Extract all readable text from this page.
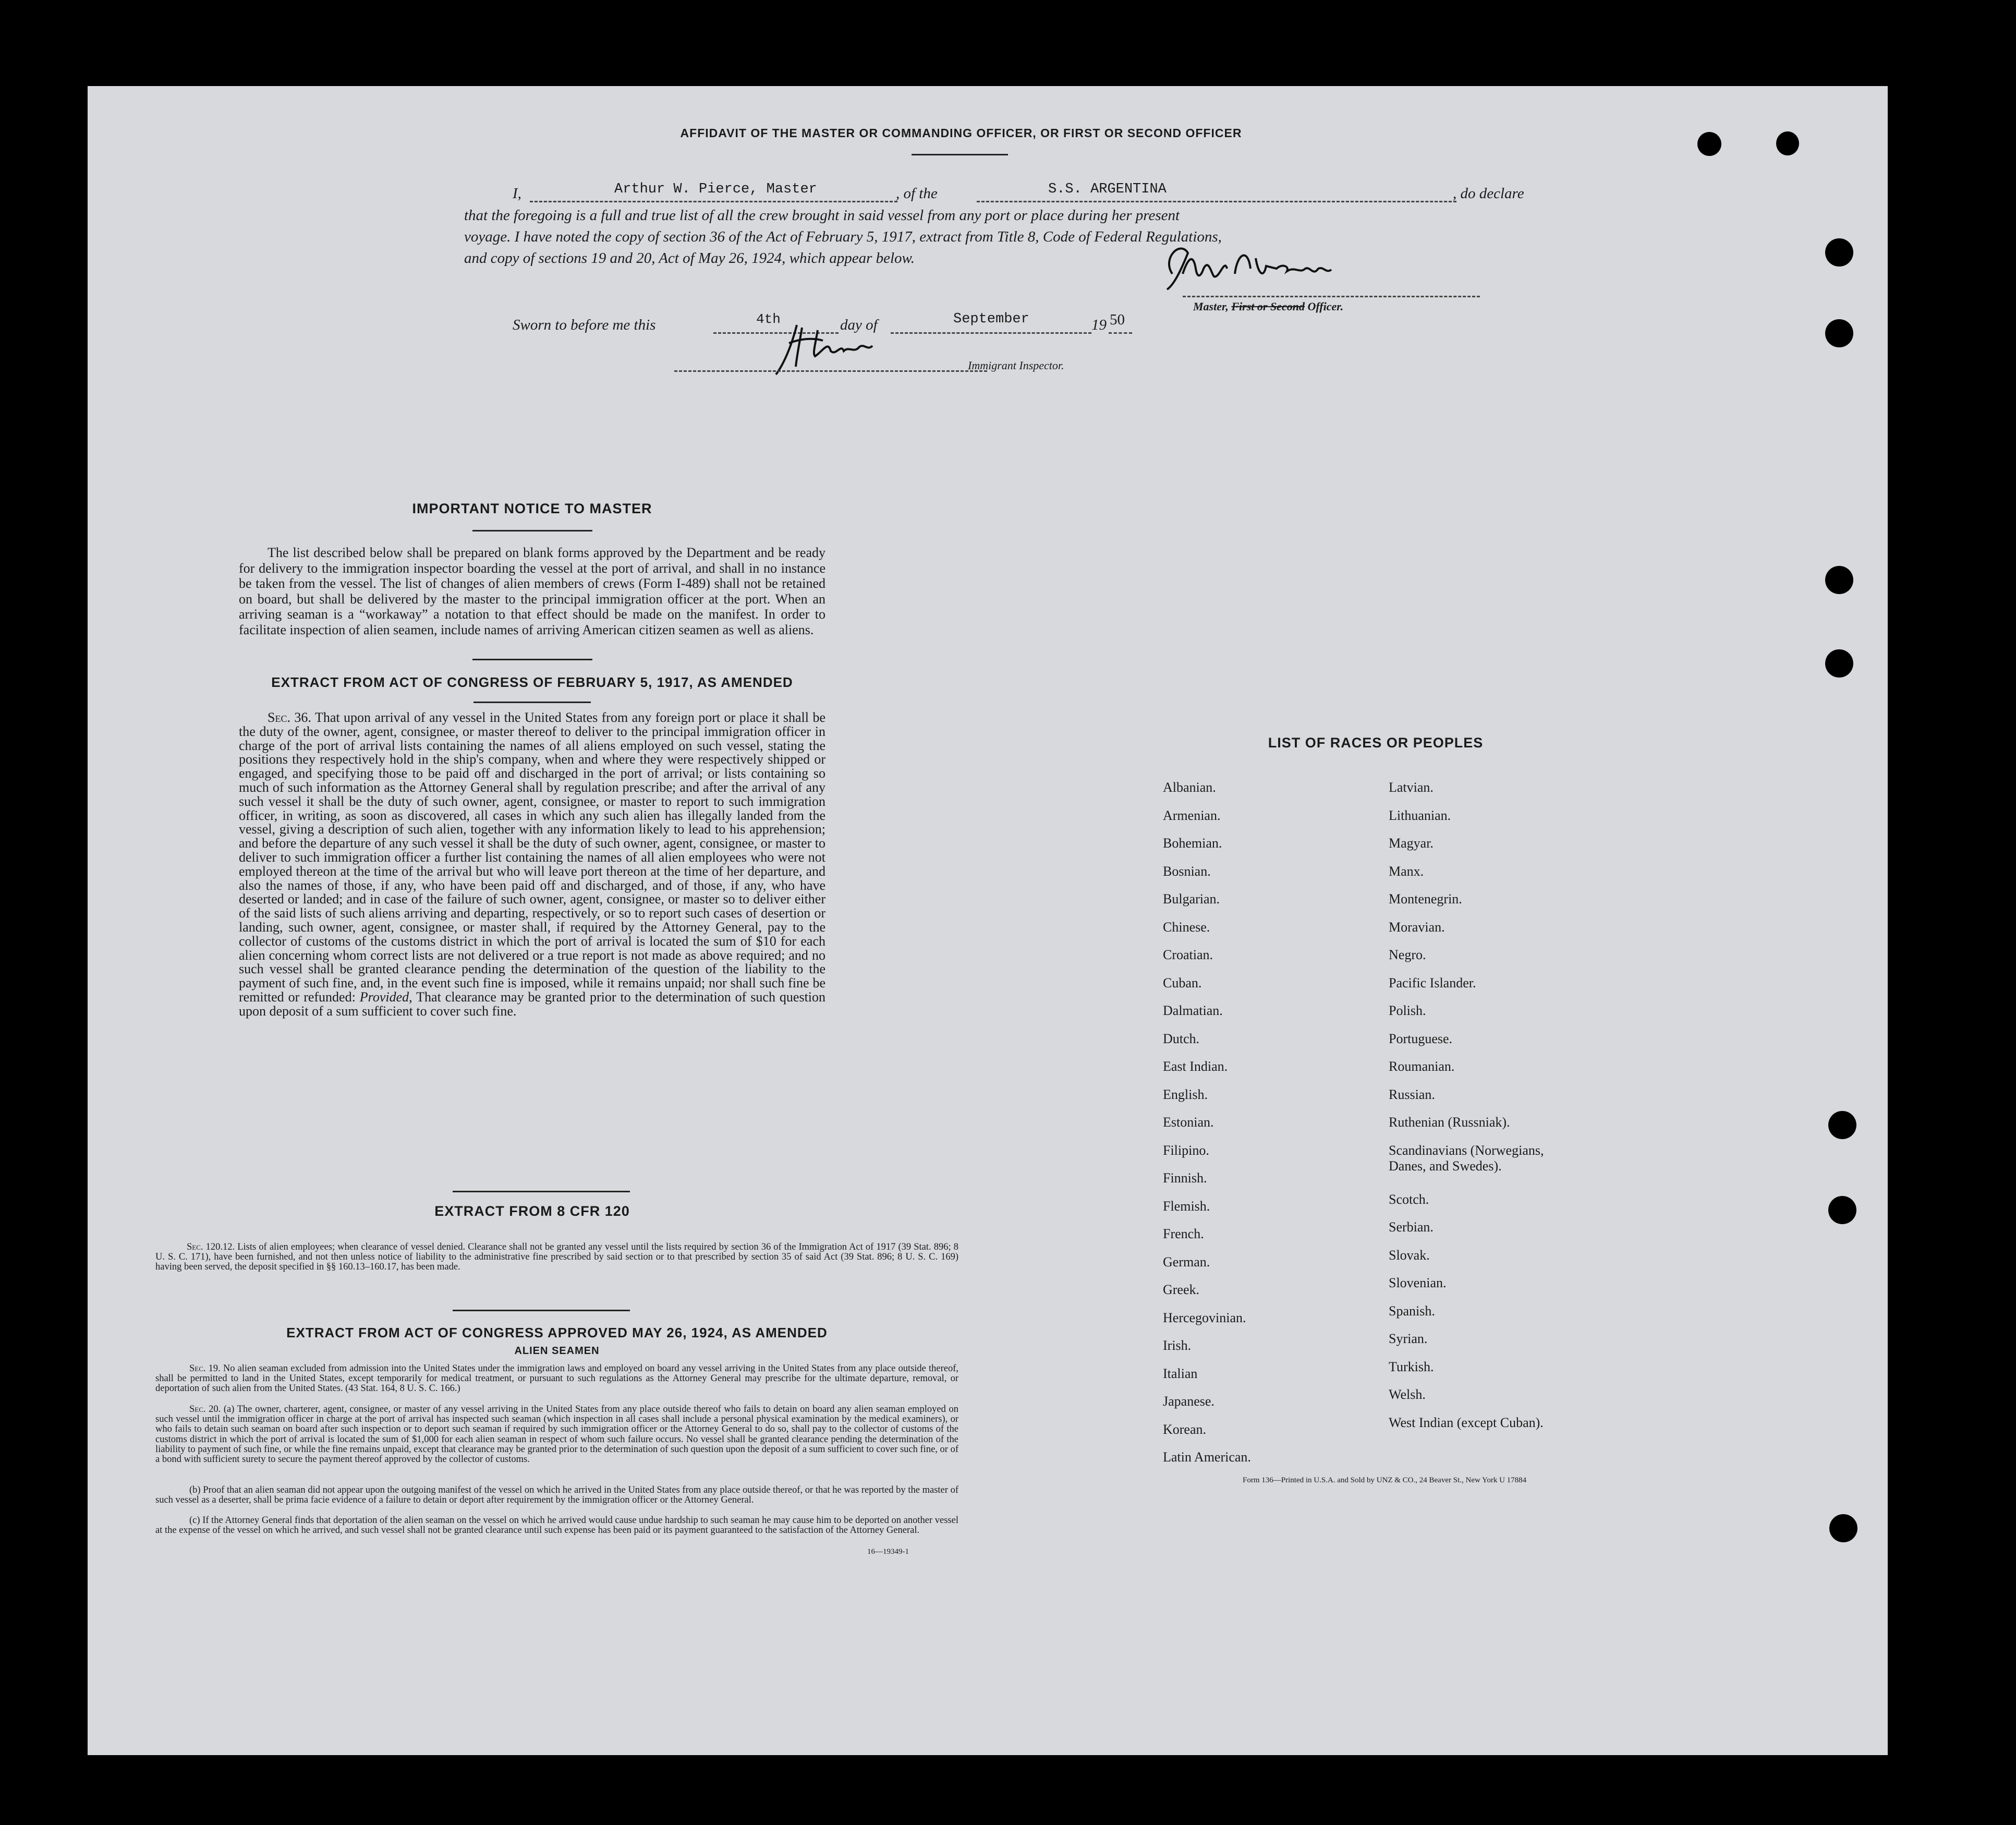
AFFIDAVIT OF THE MASTER OR COMMANDING OFFICER, OR FIRST OR SECOND OFFICER
I,	Arthur W. Pierce, Master	, of the	S.S. ARGENTINA	, do declare
that the foregoing is a full and true list of all the crew brought in said vessel from any port or place during her present
voyage. I have noted the copy of section 36 of the Act of February 5, 1917, extract from Title 8, Code of Federal Regulations,
and copy of sections 19 and 20, Act of May 26, 1924, which appear below.
Master, First or Second Officer.
Sworn to before me this	4th	day of	September	19 50
Immigrant Inspector.
IMPORTANT NOTICE TO MASTER
The list described below shall be prepared on blank forms approved by the Department and be ready for delivery to the immigration inspector boarding the vessel at the port of arrival, and shall in no instance be taken from the vessel. The list of changes of alien members of crews (Form I-489) shall not be retained on board, but shall be delivered by the master to the principal immigration officer at the port. When an arriving seaman is a “workaway” a notation to that effect should be made on the manifest. In order to facilitate inspection of alien seamen, include names of arriving American citizen seamen as well as aliens.
EXTRACT FROM ACT OF CONGRESS OF FEBRUARY 5, 1917, AS AMENDED
Sec. 36. That upon arrival of any vessel in the United States from any foreign port or place it shall be the duty of the owner, agent, consignee, or master thereof to deliver to the principal immigration officer in charge of the port of arrival lists containing the names of all aliens employed on such vessel, stating the positions they respectively hold in the ship's company, when and where they were respectively shipped or engaged, and specifying those to be paid off and discharged in the port of arrival; or lists containing so much of such information as the Attorney General shall by regulation prescribe; and after the arrival of any such vessel it shall be the duty of such owner, agent, consignee, or master to report to such immigration officer, in writing, as soon as discovered, all cases in which any such alien has illegally landed from the vessel, giving a description of such alien, together with any information likely to lead to his apprehension; and before the departure of any such vessel it shall be the duty of such owner, agent, consignee, or master to deliver to such immigration officer a further list containing the names of all alien employees who were not employed thereon at the time of the arrival but who will leave port thereon at the time of her departure, and also the names of those, if any, who have been paid off and discharged, and of those, if any, who have deserted or landed; and in case of the failure of such owner, agent, consignee, or master so to deliver either of the said lists of such aliens arriving and departing, respectively, or so to report such cases of desertion or landing, such owner, agent, consignee, or master shall, if required by the Attorney General, pay to the collector of customs of the customs district in which the port of arrival is located the sum of $10 for each alien concerning whom correct lists are not delivered or a true report is not made as above required; and no such vessel shall be granted clearance pending the determination of the question of the liability to the payment of such fine, and, in the event such fine is imposed, while it remains unpaid; nor shall such fine be remitted or refunded: Provided, That clearance may be granted prior to the determination of such question upon deposit of a sum sufficient to cover such fine.
EXTRACT FROM 8 CFR 120
Sec. 120.12. Lists of alien employees; when clearance of vessel denied. Clearance shall not be granted any vessel until the lists required by section 36 of the Immigration Act of 1917 (39 Stat. 896; 8 U. S. C. 171), have been furnished, and not then unless notice of liability to the administrative fine prescribed by said section or to that prescribed by section 35 of said Act (39 Stat. 896; 8 U. S. C. 169) having been served, the deposit specified in §§ 160.13–160.17, has been made.
EXTRACT FROM ACT OF CONGRESS APPROVED MAY 26, 1924, AS AMENDED
ALIEN SEAMEN
Sec. 19. No alien seaman excluded from admission into the United States under the immigration laws and employed on board any vessel arriving in the United States from any place outside thereof, shall be permitted to land in the United States, except temporarily for medical treatment, or pursuant to such regulations as the Attorney General may prescribe for the ultimate departure, removal, or deportation of such alien from the United States. (43 Stat. 164, 8 U. S. C. 166.)
Sec. 20. (a) The owner, charterer, agent, consignee, or master of any vessel arriving in the United States from any place outside thereof who fails to detain on board any alien seaman employed on such vessel until the immigration officer in charge at the port of arrival has inspected such seaman (which inspection in all cases shall include a personal physical examination by the medical examiners), or who fails to detain such seaman on board after such inspection or to deport such seaman if required by such immigration officer or the Attorney General to do so, shall pay to the collector of customs of the customs district in which the port of arrival is located the sum of $1,000 for each alien seaman in respect of whom such failure occurs. No vessel shall be granted clearance pending the determination of the liability to payment of such fine, or while the fine remains unpaid, except that clearance may be granted prior to the determination of such question upon the deposit of a sum sufficient to cover such fine, or of a bond with sufficient surety to secure the payment thereof approved by the collector of customs.
(b) Proof that an alien seaman did not appear upon the outgoing manifest of the vessel on which he arrived in the United States from any place outside thereof, or that he was reported by the master of such vessel as a deserter, shall be prima facie evidence of a failure to detain or deport after requirement by the immigration officer or the Attorney General.
(c) If the Attorney General finds that deportation of the alien seaman on the vessel on which he arrived would cause undue hardship to such seaman he may cause him to be deported on another vessel at the expense of the vessel on which he arrived, and such vessel shall not be granted clearance until such expense has been paid or its payment guaranteed to the satisfaction of the Attorney General.
16—19349-1
LIST OF RACES OR PEOPLES
Albanian.
Armenian.
Bohemian.
Bosnian.
Bulgarian.
Chinese.
Croatian.
Cuban.
Dalmatian.
Dutch.
East Indian.
English.
Estonian.
Filipino.
Finnish.
Flemish.
French.
German.
Greek.
Hercegovinian.
Irish.
Italian
Japanese.
Korean.
Latin American.
Latvian.
Lithuanian.
Magyar.
Manx.
Montenegrin.
Moravian.
Negro.
Pacific Islander.
Polish.
Portuguese.
Roumanian.
Russian.
Ruthenian (Russniak).
Scandinavians (Norwegians,
Danes, and Swedes).
Scotch.
Serbian.
Slovak.
Slovenian.
Spanish.
Syrian.
Turkish.
Welsh.
West Indian (except Cuban).
Form 136—Printed in U.S.A. and Sold by UNZ & CO., 24 Beaver St., New York U 17884
